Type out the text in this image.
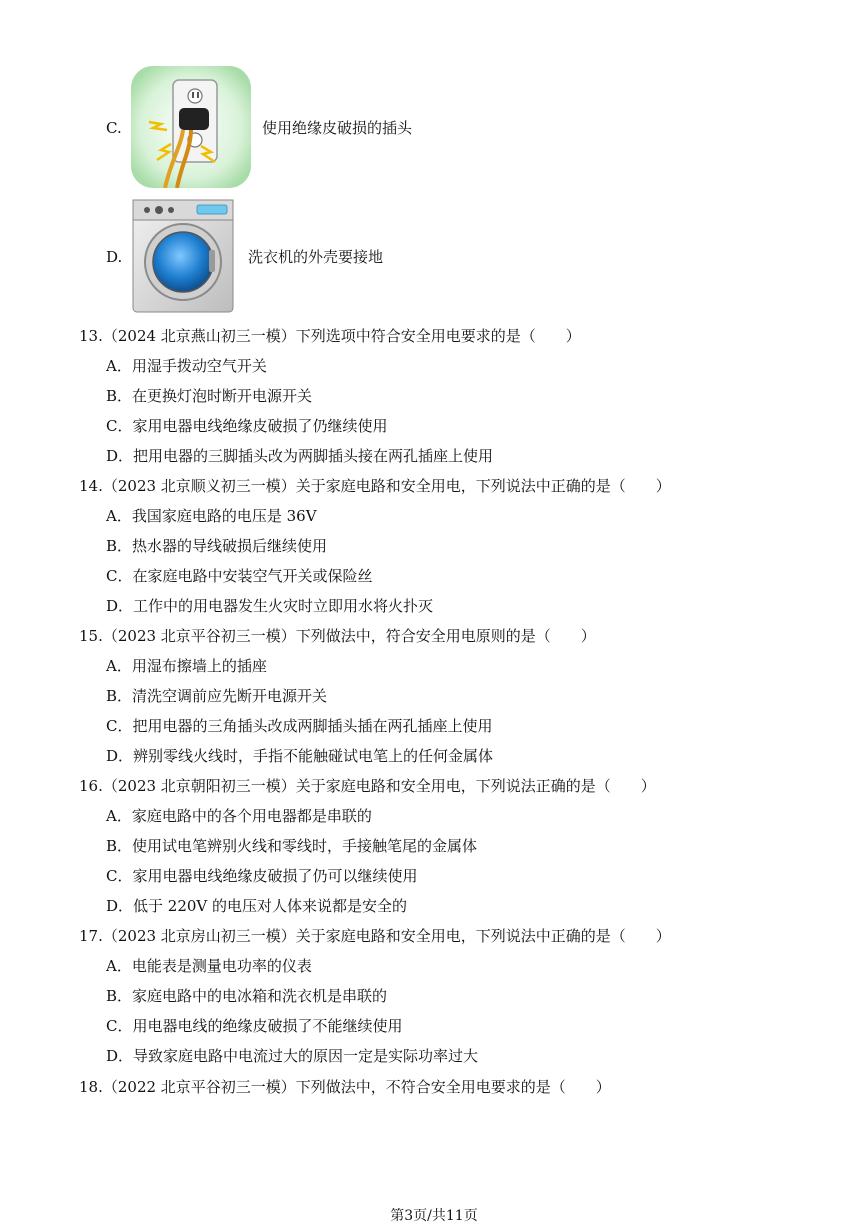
C.	使用绝缘皮破损的插头
D.	洗衣机的外壳要接地
13.（2024 北京燕山初三一模）下列选项中符合安全用电要求的是（　　）
A．用湿手拨动空气开关
B．在更换灯泡时断开电源开关
C．家用电器电线绝缘皮破损了仍继续使用
D．把用电器的三脚插头改为两脚插头接在两孔插座上使用
14.（2023 北京顺义初三一模）关于家庭电路和安全用电，下列说法中正确的是（　　）
A．我国家庭电路的电压是 36V
B．热水器的导线破损后继续使用
C．在家庭电路中安装空气开关或保险丝
D．工作中的用电器发生火灾时立即用水将火扑灭
15.（2023 北京平谷初三一模）下列做法中，符合安全用电原则的是（　　）
A．用湿布擦墙上的插座
B．清洗空调前应先断开电源开关
C．把用电器的三角插头改成两脚插头插在两孔插座上使用
D．辨别零线火线时，手指不能触碰试电笔上的任何金属体
16.（2023 北京朝阳初三一模）关于家庭电路和安全用电，下列说法正确的是（　　）
A．家庭电路中的各个用电器都是串联的
B．使用试电笔辨别火线和零线时，手接触笔尾的金属体
C．家用电器电线绝缘皮破损了仍可以继续使用
D．低于 220V 的电压对人体来说都是安全的
17.（2023 北京房山初三一模）关于家庭电路和安全用电，下列说法中正确的是（　　）
A．电能表是测量电功率的仪表
B．家庭电路中的电冰箱和洗衣机是串联的
C．用电器电线的绝缘皮破损了不能继续使用
D．导致家庭电路中电流过大的原因一定是实际功率过大
18.（2022 北京平谷初三一模）下列做法中，不符合安全用电要求的是（　　）
第3页/共11页
